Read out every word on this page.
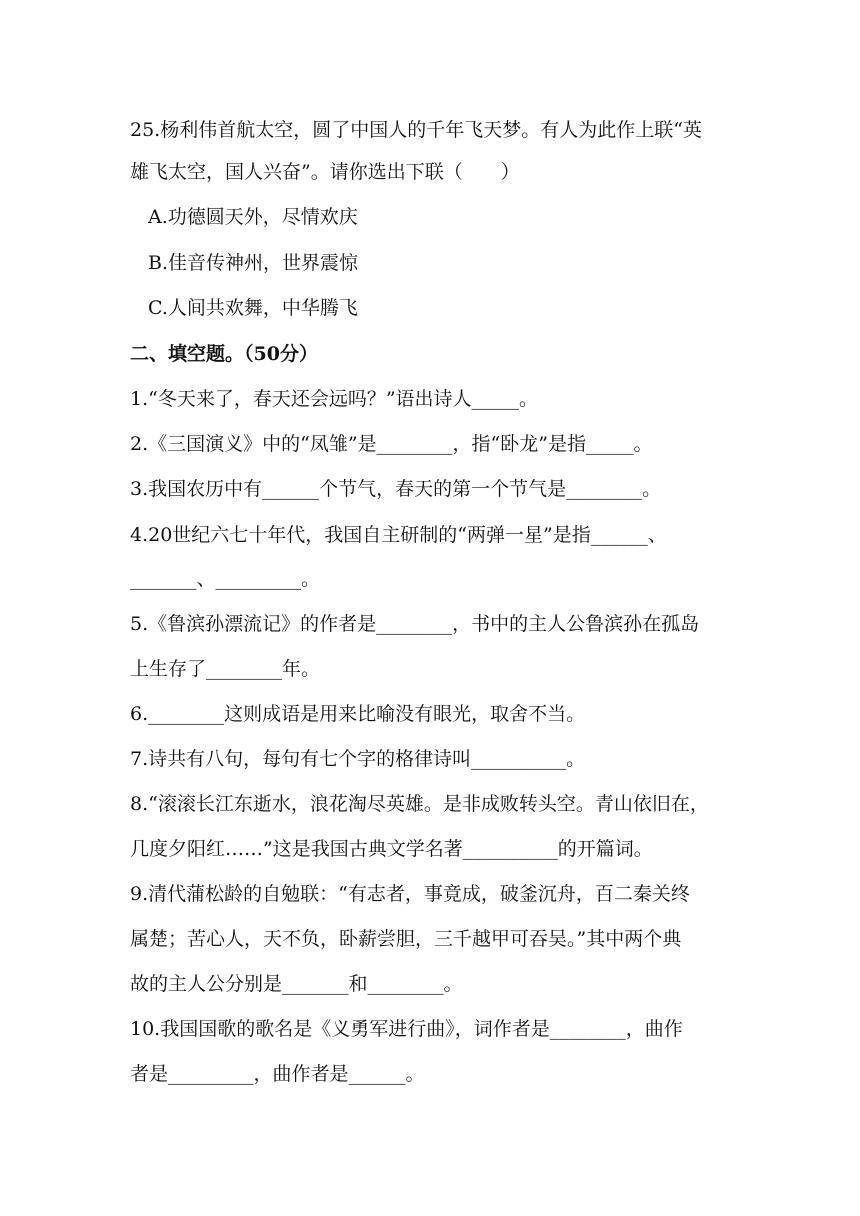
25.杨利伟首航太空，圆了中国人的千年飞天梦。有人为此作上联“英
雄飞太空，国人兴奋”。请你选出下联（　　）
A.功德圆天外，尽情欢庆
B.佳音传神州，世界震惊
C.人间共欢舞，中华腾飞
二、填空题。（50分）
1.“冬天来了，春天还会远吗？”语出诗人_____。
2.《三国演义》中的“凤雏”是________，指“卧龙”是指_____。
3.我国农历中有______个节气，春天的第一个节气是________。
4.20世纪六七十年代，我国自主研制的“两弹一星”是指______、
_______、_________。
5.《鲁滨孙漂流记》的作者是________，书中的主人公鲁滨孙在孤岛
上生存了________年。
6.________这则成语是用来比喻没有眼光，取舍不当。
7.诗共有八句，每句有七个字的格律诗叫__________。
8.“滚滚长江东逝水，浪花淘尽英雄。是非成败转头空。青山依旧在，
几度夕阳红……”这是我国古典文学名著__________的开篇词。
9.清代蒲松龄的自勉联：“有志者，事竟成，破釜沉舟，百二秦关终
属楚；苦心人，天不负，卧薪尝胆，三千越甲可吞吴。”其中两个典
故的主人公分别是_______和________。
10.我国国歌的歌名是《义勇军进行曲》，词作者是________，曲作
者是_________，曲作者是______。
